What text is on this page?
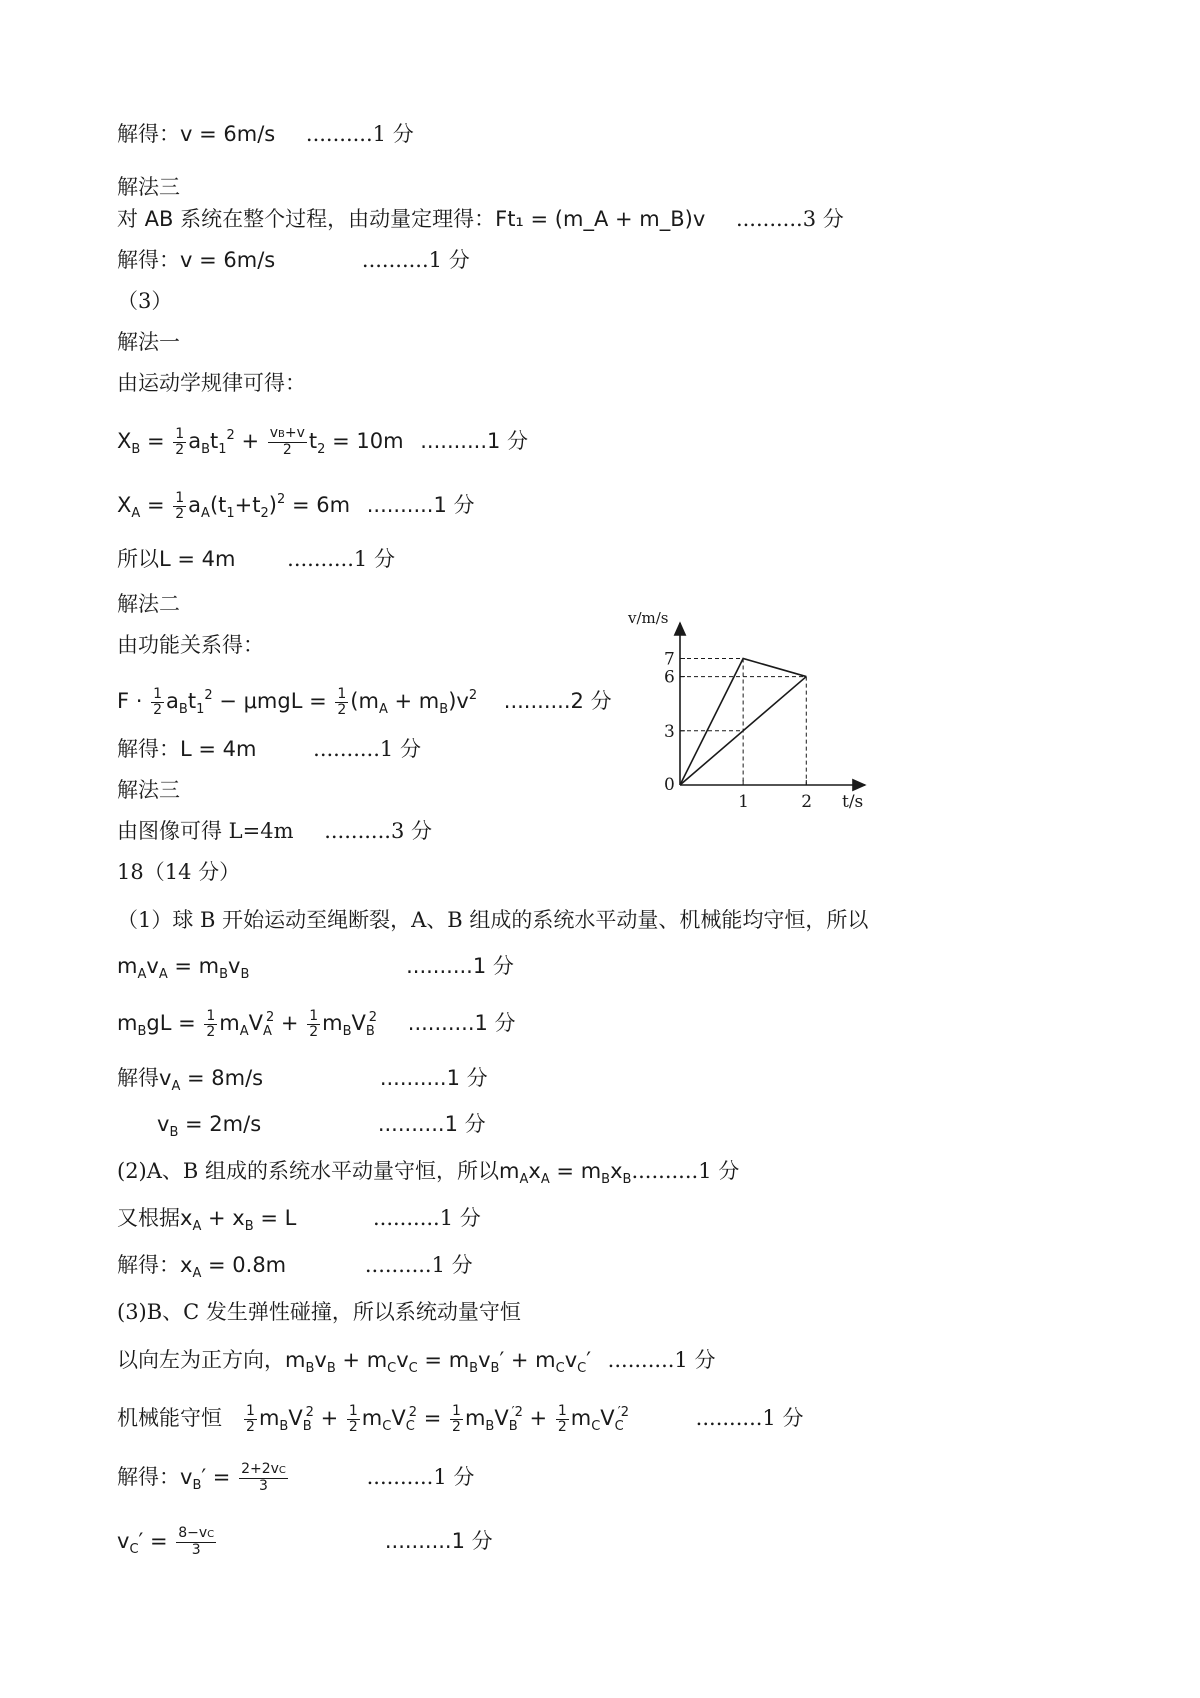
解得：v = 6m/s ..........1 分
解法三
对 AB 系统在整个过程，由动量定理得：Ft₁ = (m_A + m_B)v ..........3 分
解得：v = 6m/s	..........1 分
（3）
解法一
由运动学规律可得：
$X_B = \frac{1}{2} a_Bt_1^2 + \frac{vB+v}{2} t_2 = 10m$ ..........1 分
$X_A = \frac{1}{2} a_A(t_1+t_2)^2 = 6m$ ..........1 分
所以L = 4m ..........1 分
解法二
由功能关系得：
$F \cdot \frac{1}{2} a_Bt_1^2 - \mu mgL = \frac{1}{2} (m_A + m_B)v^2$ ..........2 分
解得：L = 4m	..........1 分
解法三
由图像可得 L=4m ..........3 分
18（14 分）
（1）球 B 开始运动至绳断裂，A、B 组成的系统水平动量、机械能均守恒，所以
$m_Av_A = m_Bv_B$	..........1 分
$m_BgL = \frac{1}{2} m_AV_A^2 + \frac{1}{2} m_BV_B^2$ ..........1 分
解得$v_A = 8m/s$	..........1 分
$v_B = 2m/s$	..........1 分
(2)A、B 组成的系统水平动量守恒，所以$m_Ax_A = m_Bx_B..........1$ 分
又根据$x_A + x_B = L$	..........1 分
解得：$x_A = 0.8m$	..........1 分
(3)B、C 发生弹性碰撞，所以系统动量守恒
以向左为正方向，$m_Bv_B + m_Cv_C = m_Bv_B' + m_Cv_C'$ ..........1 分
机械能守恒 $\frac{1}{2} m_BV_B^2 + \frac{1}{2} m_CV_C^2 = \frac{1}{2} m_BV_B^{'2} + \frac{1}{2} m_CV_C^{'2}$	..........1 分
解得：$v_B' = \frac{2+2vC}{3}$	..........1 分
$v_C' = \frac{8-vC}{3}$	..........1 分
v/m/s
t/s
0
1	2
3
6
7
